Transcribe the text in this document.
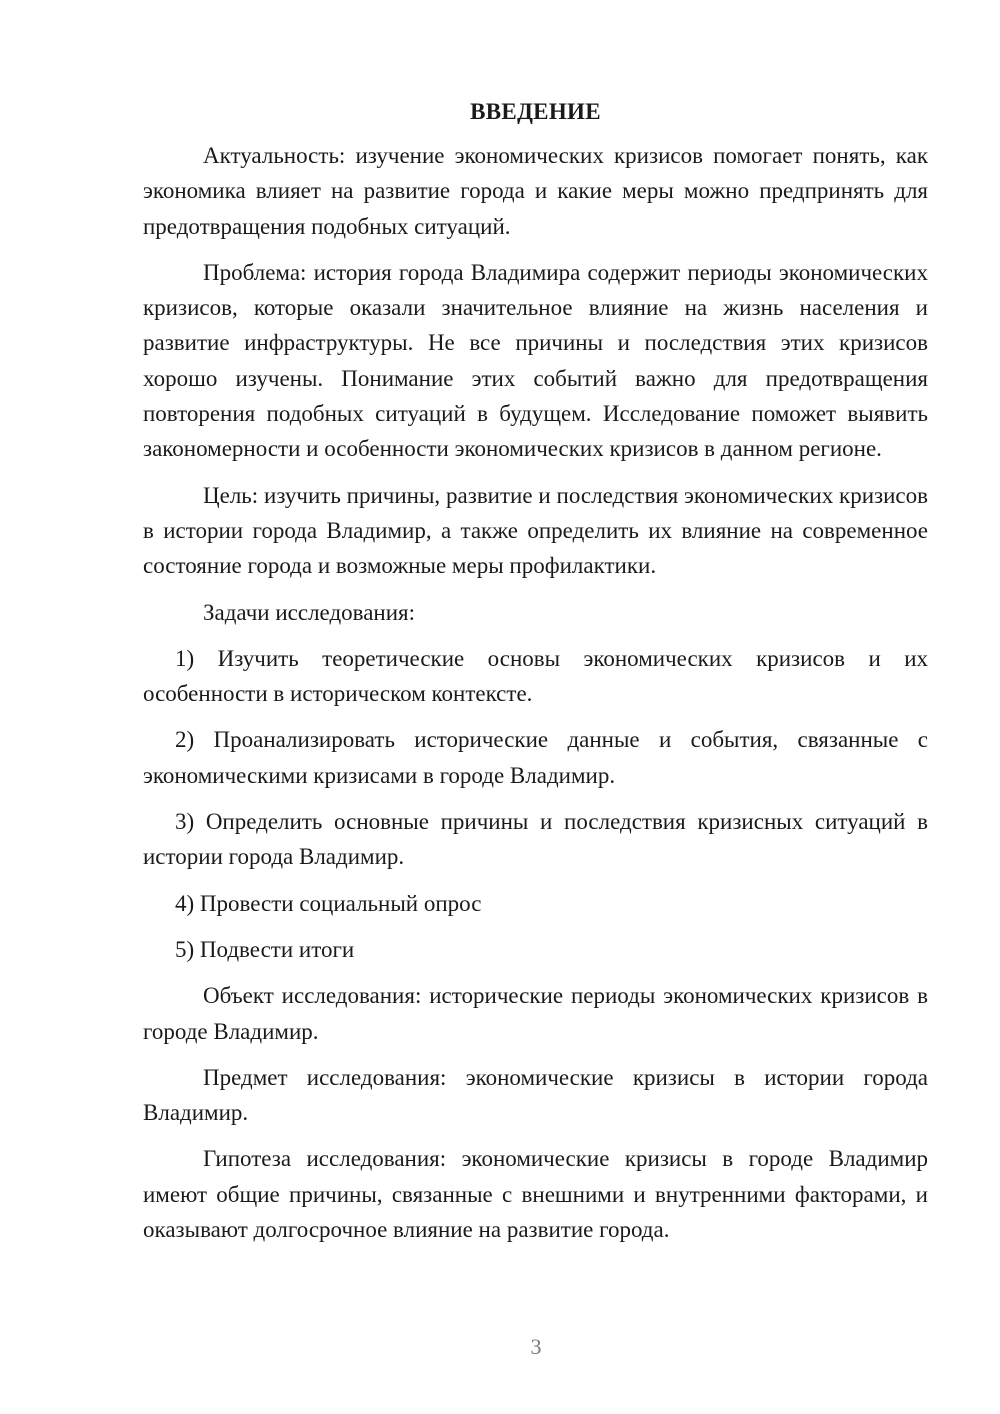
ВВЕДЕНИЕ

Актуальность: изучение экономических кризисов помогает понять, как экономика влияет на развитие города и какие меры можно предпринять для предотвращения подобных ситуаций.

Проблема: история города Владимира содержит периоды экономических кризисов, которые оказали значительное влияние на жизнь населения и развитие инфраструктуры. Не все причины и последствия этих кризисов хорошо изучены. Понимание этих событий важно для предотвращения повторения подобных ситуаций в будущем. Исследование поможет выявить закономерности и особенности экономических кризисов в данном регионе.

Цель: изучить причины, развитие и последствия экономических кризисов в истории города Владимир, а также определить их влияние на современное состояние города и возможные меры профилактики.

Задачи исследования:

1) Изучить теоретические основы экономических кризисов и их особенности в историческом контексте.

2) Проанализировать исторические данные и события, связанные с экономическими кризисами в городе Владимир.

3) Определить основные причины и последствия кризисных ситуаций в истории города Владимир.

4) Провести социальный опрос

5) Подвести итоги

Объект исследования: исторические периоды экономических кризисов в городе Владимир.

Предмет исследования: экономические кризисы в истории города Владимир.

Гипотеза исследования: экономические кризисы в городе Владимир имеют общие причины, связанные с внешними и внутренними факторами, и оказывают долгосрочное влияние на развитие города.

3
